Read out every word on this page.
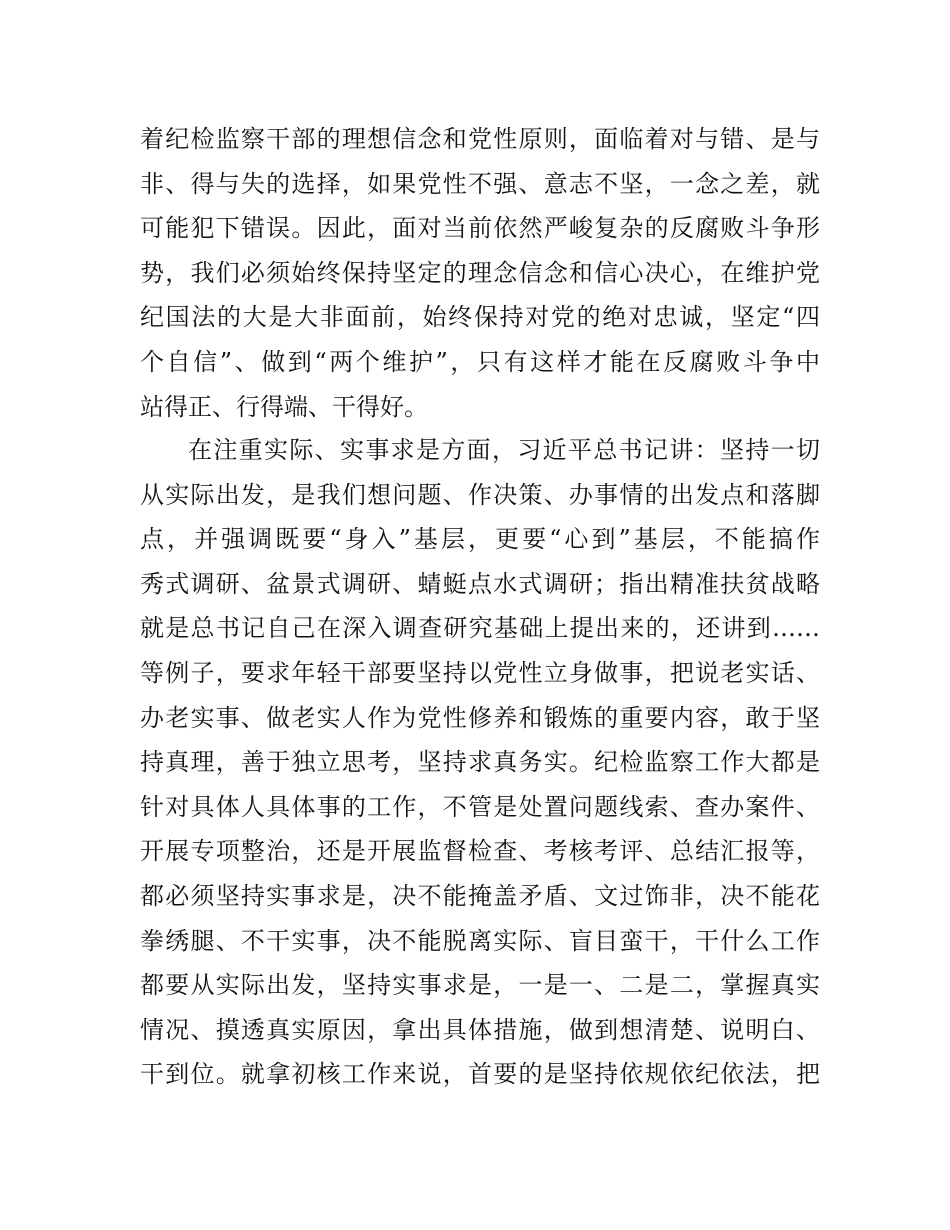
着纪检监察干部的理想信念和党性原则，面临着对与错、是与
非、得与失的选择，如果党性不强、意志不坚，一念之差，就
可能犯下错误。因此，面对当前依然严峻复杂的反腐败斗争形
势，我们必须始终保持坚定的理念信念和信心决心，在维护党
纪国法的大是大非面前，始终保持对党的绝对忠诚，坚定“四
个自信”、做到“两个维护”，只有这样才能在反腐败斗争中
站得正、行得端、干得好。
在注重实际、实事求是方面，习近平总书记讲：坚持一切
从实际出发，是我们想问题、作决策、办事情的出发点和落脚
点，并强调既要“身入”基层，更要“心到”基层，不能搞作
秀式调研、盆景式调研、蜻蜓点水式调研；指出精准扶贫战略
就是总书记自己在深入调查研究基础上提出来的，还讲到……
等例子，要求年轻干部要坚持以党性立身做事，把说老实话、
办老实事、做老实人作为党性修养和锻炼的重要内容，敢于坚
持真理，善于独立思考，坚持求真务实。纪检监察工作大都是
针对具体人具体事的工作，不管是处置问题线索、查办案件、
开展专项整治，还是开展监督检查、考核考评、总结汇报等，
都必须坚持实事求是，决不能掩盖矛盾、文过饰非，决不能花
拳绣腿、不干实事，决不能脱离实际、盲目蛮干，干什么工作
都要从实际出发，坚持实事求是，一是一、二是二，掌握真实
情况、摸透真实原因，拿出具体措施，做到想清楚、说明白、
干到位。就拿初核工作来说，首要的是坚持依规依纪依法，把
